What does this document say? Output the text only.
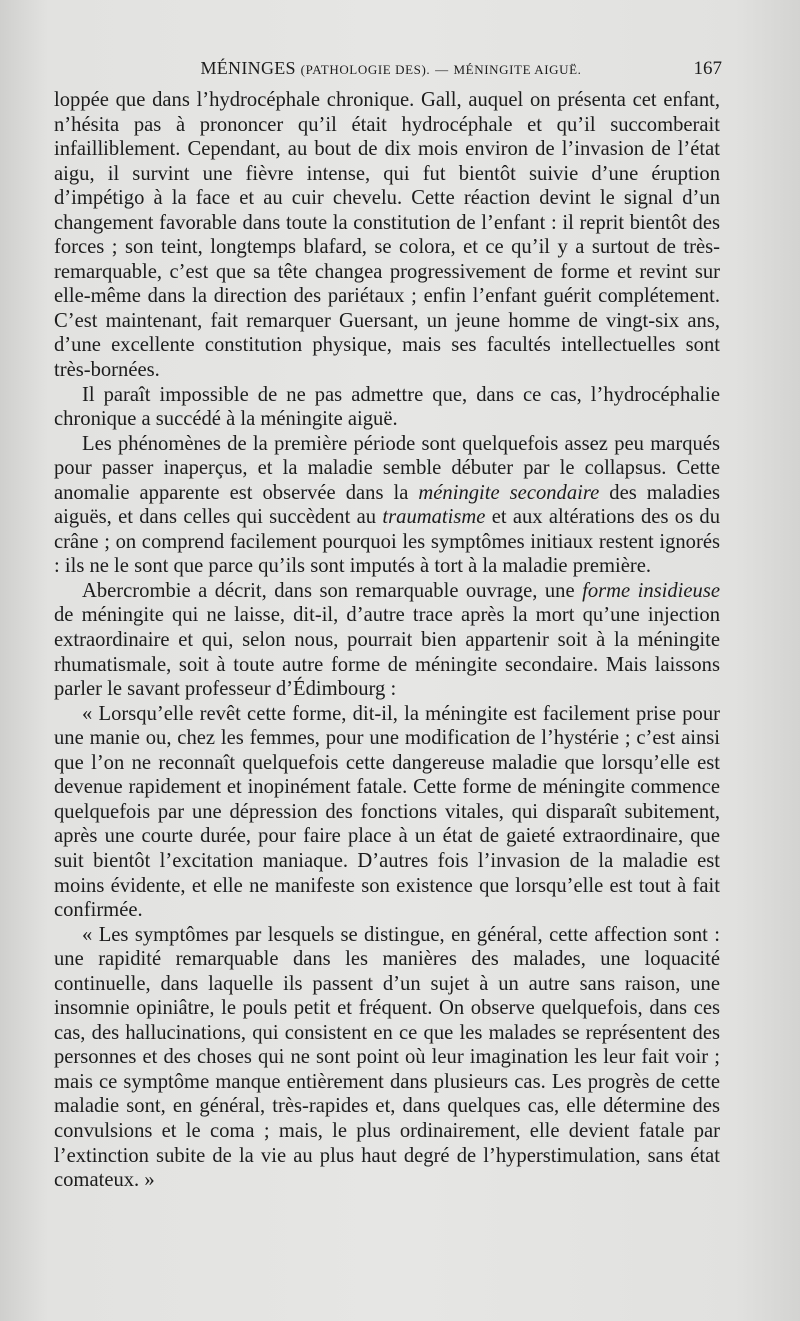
MÉNINGES (PATHOLOGIE DES). — MÉNINGITE AIGUË.	167

loppée que dans l’hydrocéphale chronique. Gall, auquel on présenta cet enfant, n’hésita pas à prononcer qu’il était hydrocéphale et qu’il succomberait infailliblement. Cependant, au bout de dix mois environ de l’invasion de l’état aigu, il survint une fièvre intense, qui fut bientôt suivie d’une éruption d’impétigo à la face et au cuir chevelu. Cette réaction devint le signal d’un changement favorable dans toute la constitution de l’enfant : il reprit bientôt des forces ; son teint, longtemps blafard, se colora, et ce qu’il y a surtout de très-remarquable, c’est que sa tête changea progressivement de forme et revint sur elle-même dans la direction des pariétaux ; enfin l’enfant guérit complétement. C’est maintenant, fait remarquer Guersant, un jeune homme de vingt-six ans, d’une excellente constitution physique, mais ses facultés intellectuelles sont très-bornées.

Il paraît impossible de ne pas admettre que, dans ce cas, l’hydrocéphalie chronique a succédé à la méningite aiguë.

Les phénomènes de la première période sont quelquefois assez peu marqués pour passer inaperçus, et la maladie semble débuter par le collapsus. Cette anomalie apparente est observée dans la méningite secondaire des maladies aiguës, et dans celles qui succèdent au traumatisme et aux altérations des os du crâne ; on comprend facilement pourquoi les symptômes initiaux restent ignorés : ils ne le sont que parce qu’ils sont imputés à tort à la maladie première.

Abercrombie a décrit, dans son remarquable ouvrage, une forme insidieuse de méningite qui ne laisse, dit-il, d’autre trace après la mort qu’une injection extraordinaire et qui, selon nous, pourrait bien appartenir soit à la méningite rhumatismale, soit à toute autre forme de méningite secondaire. Mais laissons parler le savant professeur d’Édimbourg :

« Lorsqu’elle revêt cette forme, dit-il, la méningite est facilement prise pour une manie ou, chez les femmes, pour une modification de l’hystérie ; c’est ainsi que l’on ne reconnaît quelquefois cette dangereuse maladie que lorsqu’elle est devenue rapidement et inopinément fatale. Cette forme de méningite commence quelquefois par une dépression des fonctions vitales, qui disparaît subitement, après une courte durée, pour faire place à un état de gaieté extraordinaire, que suit bientôt l’excitation maniaque. D’autres fois l’invasion de la maladie est moins évidente, et elle ne manifeste son existence que lorsqu’elle est tout à fait confirmée.

« Les symptômes par lesquels se distingue, en général, cette affection sont : une rapidité remarquable dans les manières des malades, une loquacité continuelle, dans laquelle ils passent d’un sujet à un autre sans raison, une insomnie opiniâtre, le pouls petit et fréquent. On observe quelquefois, dans ces cas, des hallucinations, qui consistent en ce que les malades se représentent des personnes et des choses qui ne sont point où leur imagination les leur fait voir ; mais ce symptôme manque entièrement dans plusieurs cas. Les progrès de cette maladie sont, en général, très-rapides et, dans quelques cas, elle détermine des convulsions et le coma ; mais, le plus ordinairement, elle devient fatale par l’extinction subite de la vie au plus haut degré de l’hyperstimulation, sans état comateux. »
